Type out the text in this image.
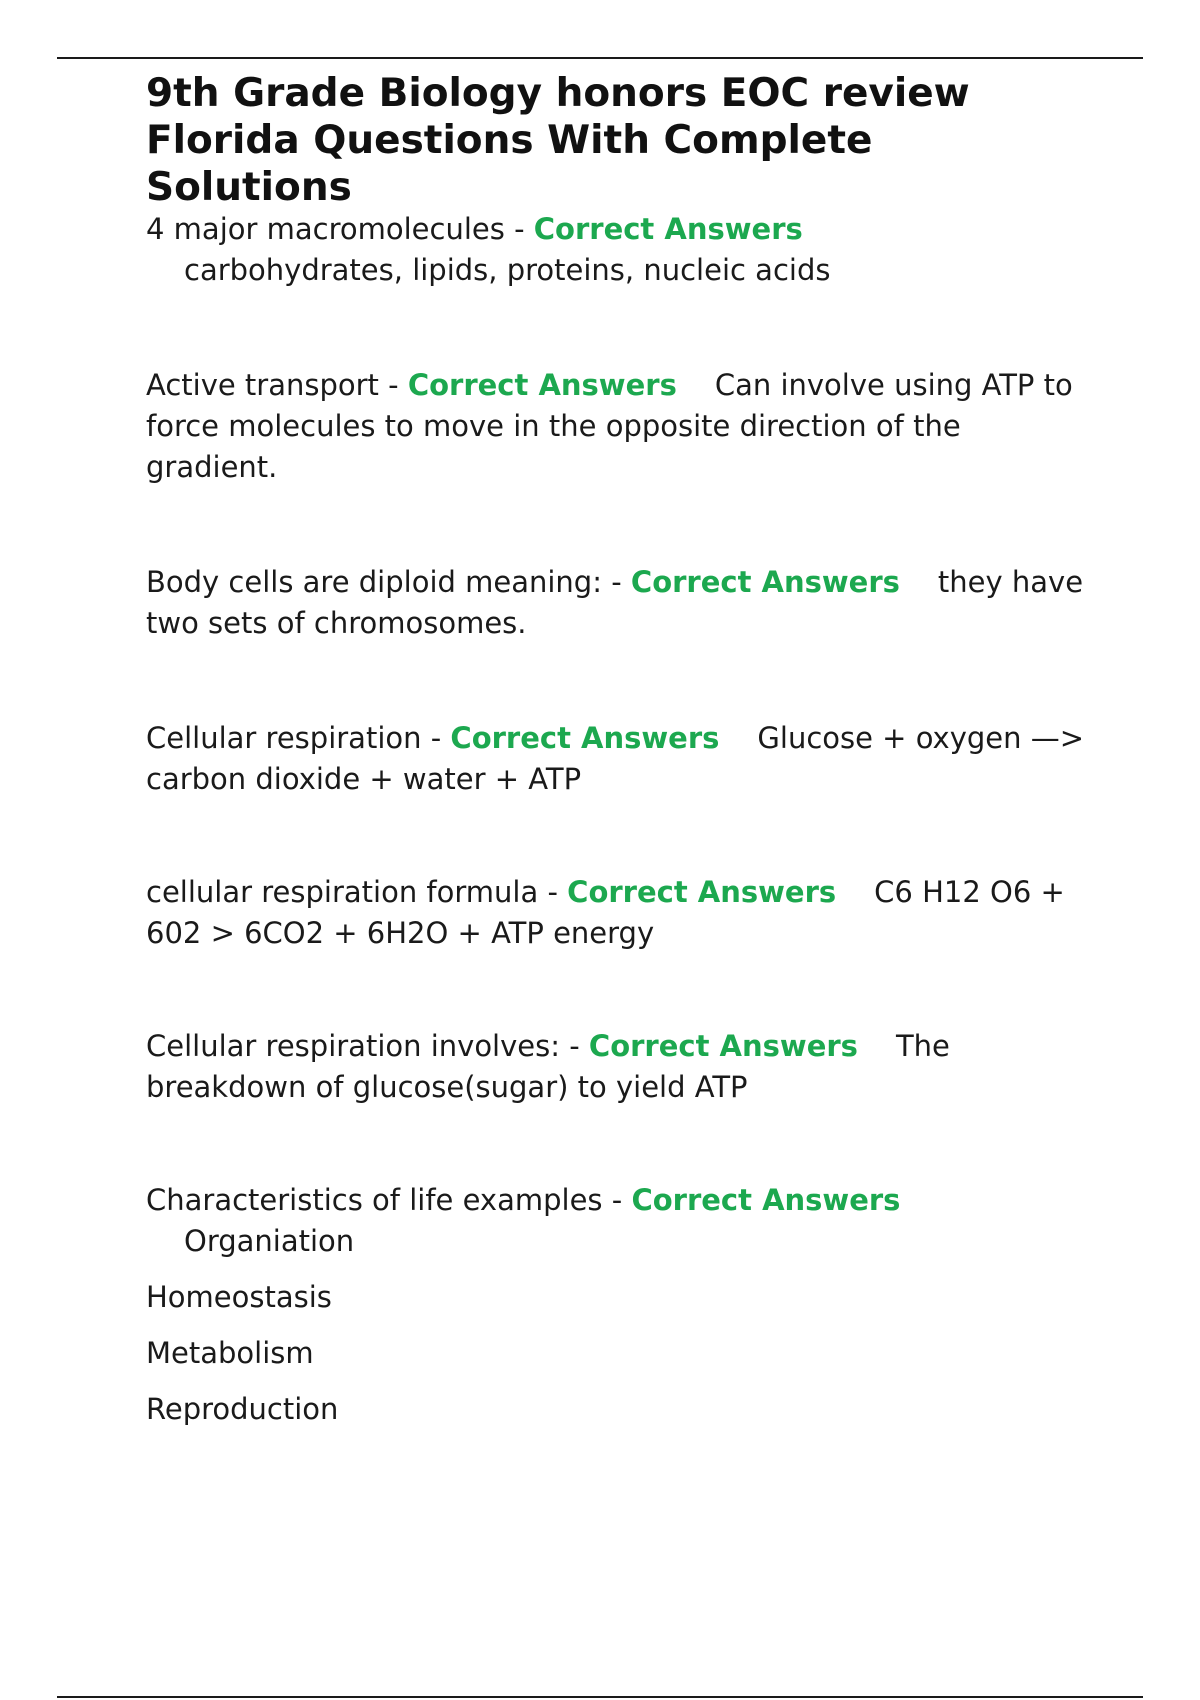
9th Grade Biology honors EOC review Florida Questions With Complete Solutions

4 major macromolecules - Correct Answers
carbohydrates, lipids, proteins, nucleic acids

Active transport - Correct Answers Can involve using ATP to force molecules to move in the opposite direction of the gradient.

Body cells are diploid meaning: - Correct Answers they have two sets of chromosomes.

Cellular respiration - Correct Answers Glucose + oxygen —> carbon dioxide + water + ATP

cellular respiration formula - Correct Answers C6 H12 O6 + 602 > 6CO2 + 6H2O + ATP energy

Cellular respiration involves: - Correct Answers The breakdown of glucose(sugar) to yield ATP

Characteristics of life examples - Correct Answers
Organiation

Homeostasis

Metabolism

Reproduction
